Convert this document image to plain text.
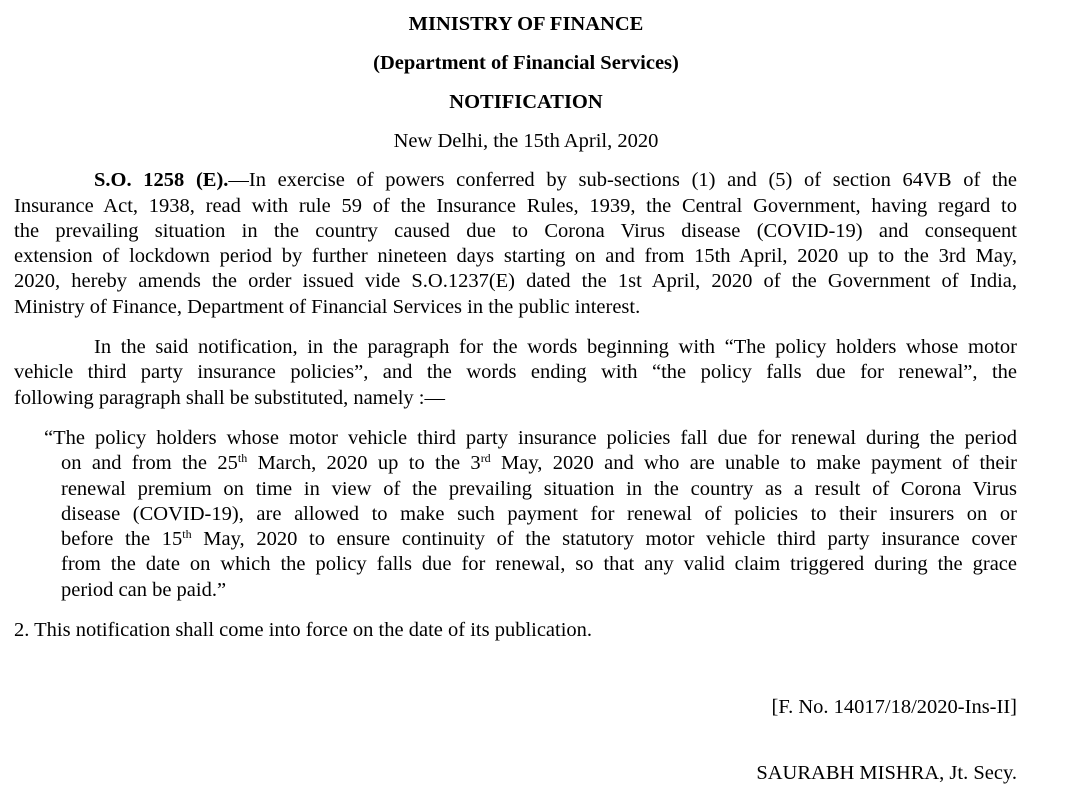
MINISTRY OF FINANCE
(Department of Financial Services)
NOTIFICATION
New Delhi, the 15th April, 2020
S.O. 1258 (E).—In exercise of powers conferred by sub-sections (1) and (5) of section 64VB of the
Insurance Act, 1938, read with rule 59 of the Insurance Rules, 1939, the Central Government, having regard to
the prevailing situation in the country caused due to Corona Virus disease (COVID-19) and consequent
extension of lockdown period by further nineteen days starting on and from 15th April, 2020 up to the 3rd May,
2020, hereby amends the order issued vide S.O.1237(E) dated the 1st April, 2020 of the Government of India,
Ministry of Finance, Department of Financial Services in the public interest.
In the said notification, in the paragraph for the words beginning with “The policy holders whose motor
vehicle third party insurance policies”, and the words ending with “the policy falls due for renewal”, the
following paragraph shall be substituted, namely :—
“The policy holders whose motor vehicle third party insurance policies fall due for renewal during the period
on and from the 25th March, 2020 up to the 3rd May, 2020 and who are unable to make payment of their
renewal premium on time in view of the prevailing situation in the country as a result of Corona Virus
disease (COVID-19), are allowed to make such payment for renewal of policies to their insurers on or
before the 15th May, 2020 to ensure continuity of the statutory motor vehicle third party insurance cover
from the date on which the policy falls due for renewal, so that any valid claim triggered during the grace
period can be paid.”
2. This notification shall come into force on the date of its publication.
[F. No. 14017/18/2020-Ins-II]
SAURABH MISHRA, Jt. Secy.
